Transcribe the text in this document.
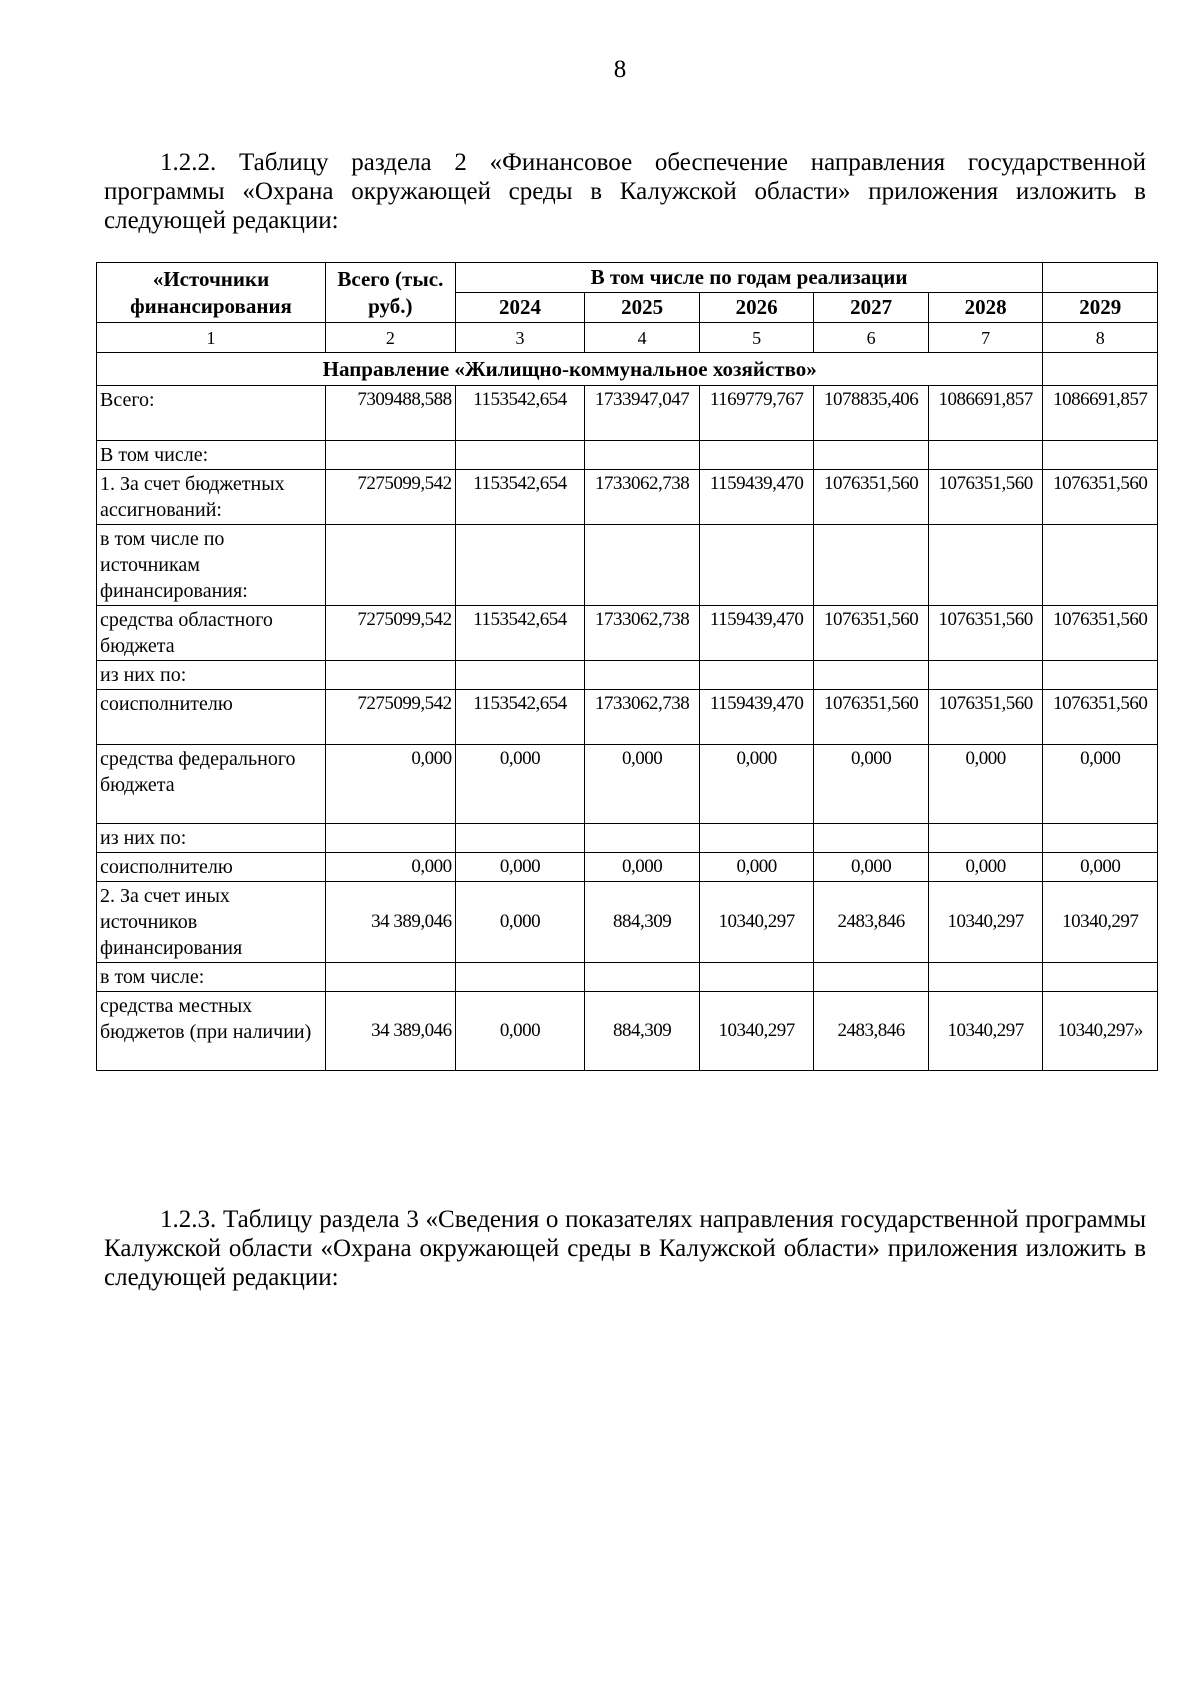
8
1.2.2. Таблицу раздела 2 «Финансовое обеспечение направления государственной программы «Охрана окружающей среды в Калужской области» приложения изложить в следующей редакции:
«Источники финансирования	Всего (тыс. руб.)	В том числе по годам реализации					
		2024	2025	2026	2027	2028	2029
1	2	3	4	5	6	7	8
Направление «Жилищно-коммунальное хозяйство»							
Всего:	7309488,588	1153542,654	1733947,047	1169779,767	1078835,406	1086691,857	1086691,857
В том числе:							
1. За счет бюджетных ассигнований:	7275099,542	1153542,654	1733062,738	1159439,470	1076351,560	1076351,560	1076351,560
в том числе по источникам финансирования:							
средства областного бюджета	7275099,542	1153542,654	1733062,738	1159439,470	1076351,560	1076351,560	1076351,560
из них по:							
соисполнителю	7275099,542	1153542,654	1733062,738	1159439,470	1076351,560	1076351,560	1076351,560
средства федерального бюджета	0,000	0,000	0,000	0,000	0,000	0,000	0,000
из них по:							
соисполнителю	0,000	0,000	0,000	0,000	0,000	0,000	0,000
2. За счет иных источников финансирования	34 389,046	0,000	884,309	10340,297	2483,846	10340,297	10340,297
в том числе:							
средства местных бюджетов (при наличии)	34 389,046	0,000	884,309	10340,297	2483,846	10340,297	10340,297»
1.2.3. Таблицу раздела 3 «Сведения о показателях направления государственной программы Калужской области «Охрана окружающей среды в Калужской области» приложения изложить в следующей редакции:
